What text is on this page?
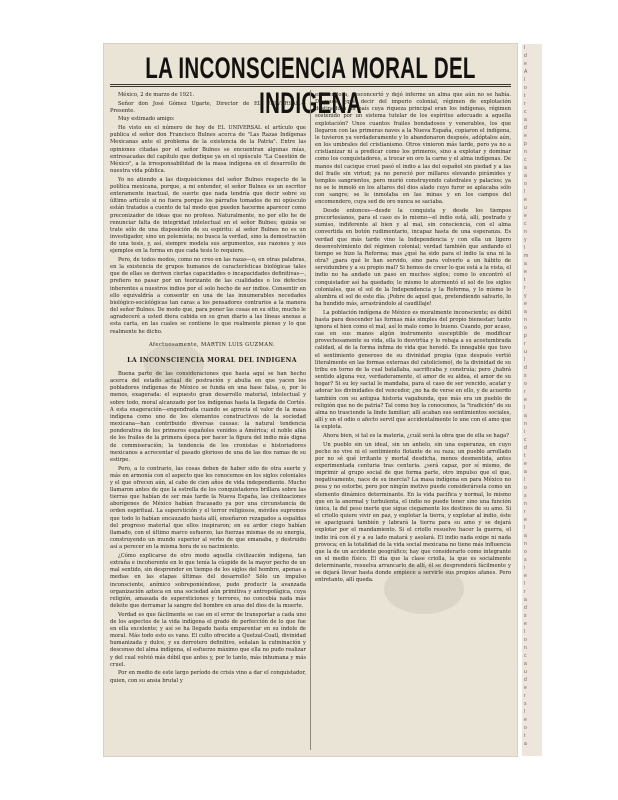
LA INCONSCIENCIA MORAL DEL INDIGENA

México, 2 de marzo de 1921.

Señor don José Gómez Ugarte, Director de EL UNIVERSAL.—Presente.

Muy estimado amigo:

He visto en el número de hoy de EL UNIVERSAL el artículo que publica el señor don Francisco Bulnes acerca de "Las Razas Indígenas Mexicanas ante el problema de la existencia de la Patria". Entre las opiniones citadas por el señor Bulnes se encuentran algunas mías, entresacadas del capítulo que dedique ya en el opúsculo "La Cuestión de México", a la irresponsabilidad de la masa indígena en el desarrollo de nuestra vida pública.

Yo no atiendo a las disquisiciones del señor Bulnes respecto de la política mexicana, porque, a mi entender, el señor Bulnes es un escritor enteramente inactual, de suerte que nada tendría que decir sobre su último artículo si no fuera porque los párrafos tomados de mi opúsculo están tratados a cuento de tal modo que pueden hacerme aparecer como preconizador de ideas que no profeso. Naturalmente, no por ello he de renunciar falta de integridad intelectual en el señor Bulnes; quizás se trate sólo de una disposición de su espíritu: al señor Bulnes no es un investigador, sino un polemista; no busca la verdad, sino la demostración de una tesis, y, así, siempre modela sus argumentos, sus razones y sus ejemplos en la forma en que cada tesis lo requiere.

Pero, de todos modos, como no creo en las razas—o, en otras palabras, en la existencia de grupos humanos de características biológicas tales que de ellas se deriven ciertas capacidades o incapacidades definitivas—, prefiero no pasar por un teorizante de las cualidades o los defectos inherentes a nuestros indios por el solo hecho de ser indios. Consentir en ello equivaldría a consentir en una de las innumerables necedades biológico-sociológicas tan caras a los pensadores contrarios a la manera del señor Bulnes. De modo que, para poner las cosas en su sitio, mucho le agradeceré a usted diera cabida en su gran diario a las líneas anexas a esta carta, en las cuales se contiene lo que realmente pienso y lo que realmente he dicho.

Afectuosamente, MARTIN LUIS GUZMAN.

LA INCONSCIENCIA MORAL DEL INDIGENA

Buena parte de las consideraciones que hasta aquí se han hecho acerca del estado actual de postración y abulia en que yacen los pobladores indígenas de México se funda en una base falsa, o, por lo menos, exagerada: el supuesto gran desarrollo material, intelectual y sobre todo, moral alcanzado por los indígenas hasta la llegada de Cortés. A esta exageración—engendrada cuando se aprecia el valor de la masa indígena como uno de los elementos constructivos de la sociedad mexicana—han contribuido diversas causas: la natural tendencia ponderativa de los primeros españoles venidos a América; el noble afán de los frailes de la primera época por hacer la figura del indio más digna de commiseración; la tendencia de los cronistas e historiadores mexicanos a acrecentar el pasado glorioso de una de las dos ramas de su estirpe.

Pero, a lo contrario, las cosas deben de haber sido de otra suerte y más en armonía con el aspecto que les conocemos en los siglos coloniales y el que ofrecen aún, al cabo de cien años de vida independiente. Mucho llamaron antes de que la estrella de los conquistadores brillara sobre las tierras que habían de ser más tarde la Nueva España, las civilizaciones aborígenes de México habían fracasado ya por una circunstancia de orden espiritual. La superstición y el terror religiosos, móviles supremos que todo lo habían encauzado hasta allí, enseñaron rezagados a espaldas del progreso material que ellos inspiraron; en su ardor ciego habían llamado, con el último marco esfuerzo, las fuerzas mismas de su energía, construyendo un mundo superior al verbo de que emanaba, y destruido así a perecer en la misma hora de su nacimiento.

¿Cómo explicarse de otro modo aquella civilización indígena, tan extraña e incoherente en lo que tenía la cúspide de la mayor pecho de un mal sentido, sin desprender en tiempo de los siglos del hombre, apenas a medias en las etapas últimas del desarrollo? Sólo un impulso inconsciente, anímico sobreponiéndose, pudo producir la avanzada organización azteca en una sociedad aún primitiva y antropofágica, cuya religión, amasada de supersticiones y terrores, no concebía nada más deleite que derramar la sangre del hombre en aras del dios de la muerte.

Verdad es que fácilmente se cae en el error de transportar a cada uno de los aspectos de la vida indígena el grado de perfección de lo que fue en ella excelente; y así se ha llegado hasta emparentar en su índole de moral. Más todo esto es vano. El culto ofrecido a Quetzal-Coatl, divinidad humanizada y dulce, y su derrotero definitivo, señalan la culminación y descenso del alma indígena, el esfuerzo máximo que ella no pudo realizar y del cual volvió más débil que antes y, por lo tanto, más inhumana y más cruel.

Por en medio de este largo período de crisis vino a dar el conquistador, quien, con su ansia brutal y

estruendosa, desconcertó y dejó inferme un alma que aún no se había. Después, ¿qué decir del imperio colonial, régimen de explotación destinado a un país cuya riqueza principal eran los indígenas, régimen sostenido por un sistema tutelar de los espíritus adecuado a aquella explotación? Unos cuantos frailes bondadosos y venerables, los que llegaron con las primeras naves a la Nueva España, copiaron el indígena, le tuvieron ya verdaderamente y lo abandonaron después, adóptalos aún, en los umbrales del cristianismo. Otros vinieron más tarde, pero ya no a cristianizar ni a predicar como los primeros, sino a explotar y dominar como los conquistadores, a trocar en oro la carne y el alma indígenas. De manos del cacique cruel pasó el indio a las del español sin piedad y a las del fraile sin virtud; ya no pereció por millares elevando pirámides y templos sangrientos, pero murió construyendo catedrales y palacios; ya no se le inmoló en los altares del dios alado cuyo furor se aplacaba sólo con sangre; se le inmolaba en las minas y en los campos del encomendero, cuya sed de oro nunca se saciaba.

Desde entonces—desde la conquista y desde los tiempos precortesianos, para el caso es lo mismo—el indio está, allí, postrado y sumiso, indiferente al bien y al mal, sin consciencia, con el alma convertida en botón rudimentario, incapaz hasta de una esperanza. Es verdad que más tarde vino la Independencia y con ella un ligero desenvolvimiento del régimen colonial; verdad también que andando el tiempo se hizo la Reforma; mas ¿qué ha sido para el indio la una ni la otra? ¿para qué le han servido, sino para volverlo a un hábito de servidumbre y a su propio mal? Si hemos de creer lo que está a la vista, el indio no ha andado un paso en muchos siglos; como lo encontró el conquistador así ha quedado; lo mismo lo atormentó el sol de los siglos coloniales, que el sol de la Independencia y la Reforma, y lo mismo lo alumbra el sol de este día. ¡Pobre de aquel que, pretendiendo salvarlo, lo ha hundido más, arrastrándolo al caudillaje!

La población indígena de México es moralmente inconsciente; es débil hasta para descender las formas más simples del propio bienestar; tanto ignora el bien como el mal, así lo malo como lo bueno. Cuando, por acaso, cae en sus manos algún instrumento susceptible de modificar provechosamente su vida, ella lo desvirtúa y lo rebaja a su acostumbrada calidad, al de la forma ínfima de vida que heredó. Es innegable que tuvo el sentimiento generoso de su divinidad propia (que después vertió literalmente en las formas externas del catolicismo), de la divinidad de su tribu en torno de la cual batallaba, sacrificaba y construía; pero ¿habrá sentido alguna vez, verdaderamente, el amor de su aldea, el amor de su hogar? Si su ley sacial le mandaba, para el caso de ser vencido, acatar y adorar los divinidades del vencedor, ¿no ha de verse en ello, y de acuerdo también con su antigua historia vagabunda, que más era un pueblo de religión que no de patria? Tal como hoy la conocemos, la "tradición" de su alma no trasciende la linde familiar; allí acaban sus sentimientos sociales, allí y en el odio o afecto servil que accidentalmente lo une con el amo que la explota.

Ahora bien, si tal es la materia, ¿cuál será la obra que de ella se haga?

Un pueblo sin un ideal, sin un anhelo, sin una esperanza, en cuyo pecho no vive ni el sentimiento flotante de su raza; un pueblo arrollado por no sé qué irritante y mortal desdicha, menos desmentida, antes experimentada centuria tras centuria. ¿será capaz, por sí mismo, de imprimir al grupo social de que forma parte, otro impulso que el que, negativamente, nace de su inercia? La masa indígena en para México no pesa y no estorbe, pero por ningún motivo puede considerársela como un elemento dinámico determinante. En la vida pacífica y normal, lo mismo que en la anormal y turbulenta, el indio no puede tener sino una función única, la del peso inerte que sigue ciegamente los destinos de su amo. Si el criollo quiere vivir en paz, y explotar la tierra, y explotar al indio, éste se apaciguará también y labrará la tierra para su amo y se dejará explotar por el mandamiento. Si el criollo resuelve hacer la guerra, el indio irá con él y a su lado matará y asolará. El indio nada exige ni nada provoca; en la totalidad de la vida social mexicana no tiene más influencia que la de un accidente geográfico; hay que considerarlo como integrante en el medio físico. El día que la clase criolla, la que es socialmente determinante, resuelva arrancarlo de allí, él se desprenderá fácilmente y se dejará llevar hasta donde empiece a servirle sus propios afanes. Pero entretanto, allí queda.

l
d
e
A
l
o
t
r
c
a
d
e
p
n
c
a
a
o
l
e
u
e
c
n
y
l
m
a
e
t
r
y
e
a
n
o
p
r
u
l
d
s
o
r
e
l
a
n
i
c
d
t
e
a
l
o
s
n
r
e
l
a
n
o
s
i
e
l
r
a
d
s
e
l
o
n
c
a
u
d
e
r
s
l
e
o
t
a
